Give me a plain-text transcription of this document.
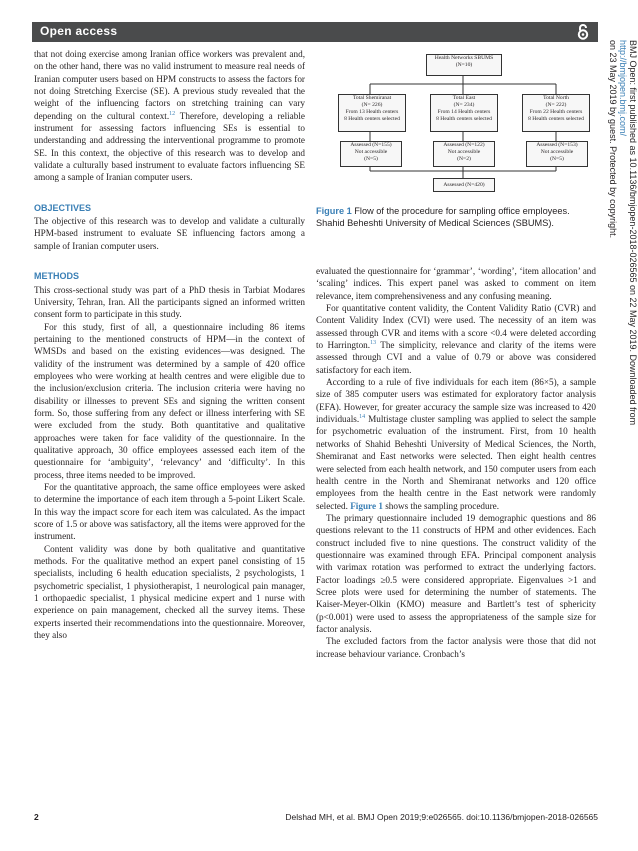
Open access
BMJ Open: first published as 10.1136/bmjopen-2018-026565 on 22 May 2019. Downloaded from
http://bmjopen.bmj.com/
on 23 May 2019 by guest. Protected by copyright.

that not doing exercise among Iranian office workers was prevalent and, on the other hand, there was no valid instrument to measure real needs of Iranian computer users based on HPM constructs to assess the factors for not doing Stretching Exercise (SE). A previous study revealed that the weight of the influencing factors on stretching training can vary depending on the cultural context.$^{12}$ Therefore, developing a reliable instrument for assessing factors influencing SEs is essential to understanding and addressing the interventional programme to promote SE. In this context, the objective of this research was to develop and validate a culturally based instrument to evaluate factors influencing SE among a sample of Iranian computer users.

OBJECTIVES

The objective of this research was to develop and validate a culturally HPM-based instrument to evaluate SE influencing factors among a sample of Iranian computer users.

METHODS

This cross-sectional study was part of a PhD thesis in Tarbiat Modares University, Tehran, Iran. All the participants signed an informed written consent form to participate in this study.

For this study, first of all, a questionnaire including 86 items pertaining to the mentioned constructs of HPM—in the context of WMSDs and based on the existing evidences—was designed. The validity of the instrument was determined by a sample of 420 office employees who were working at health centres and were eligible due to the inclusion/exclusion criteria. The inclusion criteria were having no disability or illnesses to prevent SEs and signing the written consent form. So, those suffering from any defect or illness interfering with SE were excluded from the study. Both quantitative and qualitative approaches were taken for face validity of the questionnaire. In the qualitative approach, 30 office employees assessed each item of the questionnaire for ‘ambiguity’, ‘relevancy’ and ‘difficulty’. In this process, three items needed to be improved.

For the quantitative approach, the same office employees were asked to determine the importance of each item through a 5-point Likert Scale. In this way the impact score for each item was calculated. As the impact score of 1.5 or above was satisfactory, all the items were approved for the instrument.

Content validity was done by both qualitative and quantitative methods. For the qualitative method an expert panel consisting of 15 specialists, including 6 health education specialists, 2 psychologists, 1 psychometric specialist, 1 physiotherapist, 1 neurological pain manager, 1 orthopaedic specialist, 1 physical medicine expert and 1 nurse with experience on pain management, checked all the survey items. These experts inserted their recommendations into the questionnaire. Moreover, they also

Health Networks SBUMS
(N=10)
Total Shemiranat
(N= 226)
From 13 Health centers
8 Health centers selected
Total East
(N= 234)
From 14 Health centers
8 Health centers selected
Total North
(N= 222)
From 22 Health centers
8 Health centers selected
Assessed (N=155)
Not accessible
(N=5)
Assessed (N=122)
Not accessible
(N=2)
Assessed (N=153)
Not accessible
(N=5)
Assessed (N=420)
Figure 1 Flow of the procedure for sampling office employees. Shahid Beheshti University of Medical Sciences (SBUMS).

evaluated the questionnaire for ‘grammar’, ‘wording’, ‘item allocation’ and ‘scaling’ indices. This expert panel was asked to comment on item relevance, item comprehensiveness and any confusing meaning.

For quantitative content validity, the Content Validity Ratio (CVR) and Content Validity Index (CVI) were used. The necessity of an item was assessed through CVR and items with a score <0.4 were deleted according to Harrington.$^{13}$ The simplicity, relevance and clarity of the items were assessed through CVI and a value of 0.79 or above was considered satisfactory for each item.

According to a rule of five individuals for each item (86×5), a sample size of 385 computer users was estimated for exploratory factor analysis (EFA). However, for greater accuracy the sample size was increased to 420 individuals.$^{14}$ Multistage cluster sampling was applied to select the sample for psychometric evaluation of the instrument. First, from 10 health networks of Shahid Beheshti University of Medical Sciences, the North, Shemiranat and East networks were selected. Then eight health centres were selected from each health network, and 150 computer users from each health centre in the North and Shemiranat networks and 120 office employees from the health centre in the East network were randomly selected. Figure 1 shows the sampling procedure.

The primary questionnaire included 19 demographic questions and 86 questions relevant to the 11 constructs of HPM and other evidences. Each construct included five to nine questions. The construct validity of the questionnaire was examined through EFA. Principal component analysis with varimax rotation was performed to extract the underlying factors. Factor loadings ≥0.5 were considered appropriate. Eigenvalues >1 and Scree plots were used for determining the number of statements. The Kaiser-Meyer-Olkin (KMO) measure and Bartlett’s test of sphericity (p<0.001) were used to assess the appropriateness of the sample size for factor analysis.

The excluded factors from the factor analysis were those that did not increase behaviour variance. Cronbach’s

2	Delshad MH, et al. BMJ Open 2019;9:e026565. doi:10.1136/bmjopen-2018-026565
